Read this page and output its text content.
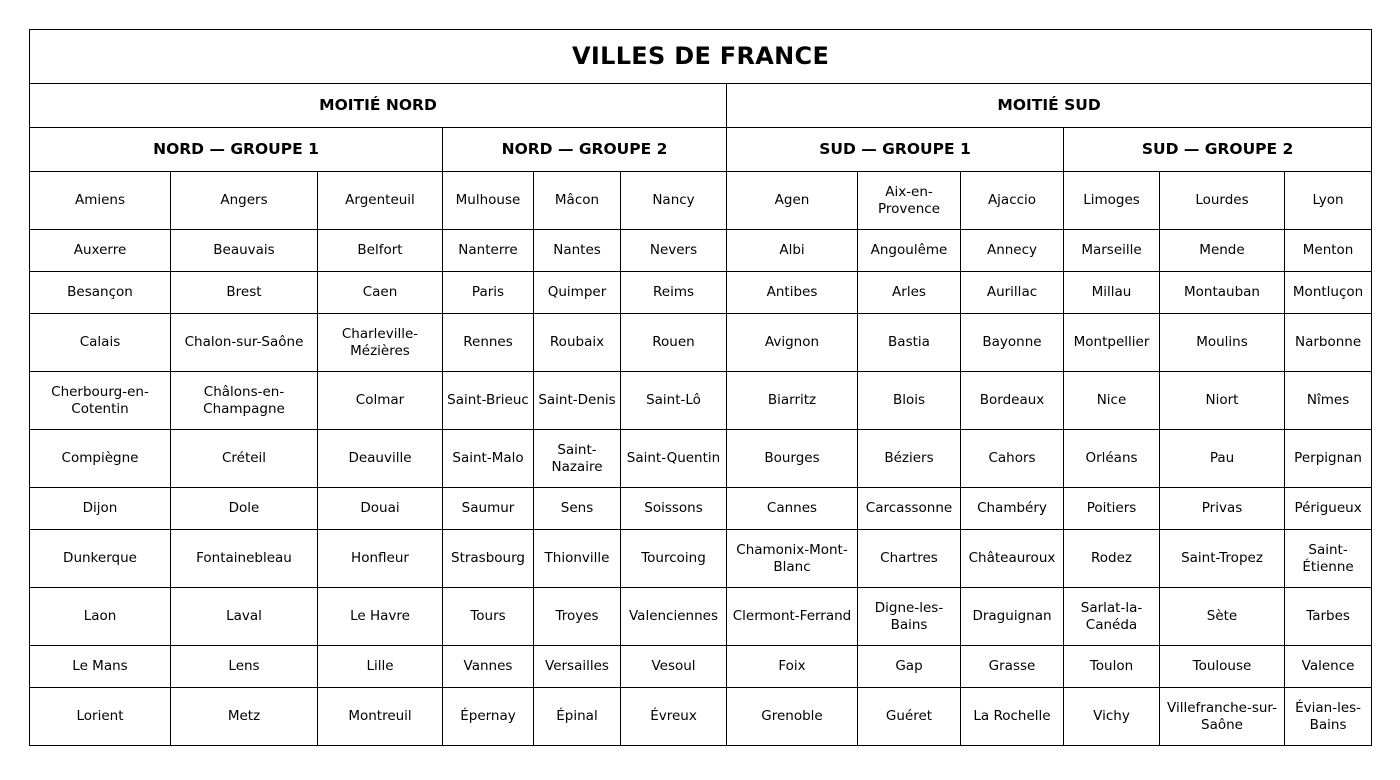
VILLES DE FRANCE											
MOITIÉ NORD						MOITIÉ SUD					
NORD — GROUPE 1			NORD — GROUPE 2			SUD — GROUPE 1			SUD — GROUPE 2		
Amiens	Angers	Argenteuil	Mulhouse	Mâcon	Nancy	Agen	Aix-en-Provence	Ajaccio	Limoges	Lourdes	Lyon
Auxerre	Beauvais	Belfort	Nanterre	Nantes	Nevers	Albi	Angoulême	Annecy	Marseille	Mende	Menton
Besançon	Brest	Caen	Paris	Quimper	Reims	Antibes	Arles	Aurillac	Millau	Montauban	Montluçon
Calais	Chalon-sur-Saône	Charleville-Mézières	Rennes	Roubaix	Rouen	Avignon	Bastia	Bayonne	Montpellier	Moulins	Narbonne
Cherbourg-en-Cotentin	Châlons-en-Champagne	Colmar	Saint-Brieuc	Saint-Denis	Saint-Lô	Biarritz	Blois	Bordeaux	Nice	Niort	Nîmes
Compiègne	Créteil	Deauville	Saint-Malo	Saint-Nazaire	Saint-Quentin	Bourges	Béziers	Cahors	Orléans	Pau	Perpignan
Dijon	Dole	Douai	Saumur	Sens	Soissons	Cannes	Carcassonne	Chambéry	Poitiers	Privas	Périgueux
Dunkerque	Fontainebleau	Honfleur	Strasbourg	Thionville	Tourcoing	Chamonix-Mont-Blanc	Chartres	Châteauroux	Rodez	Saint-Tropez	Saint-Étienne
Laon	Laval	Le Havre	Tours	Troyes	Valenciennes	Clermont-Ferrand	Digne-les-Bains	Draguignan	Sarlat-la-Canéda	Sète	Tarbes
Le Mans	Lens	Lille	Vannes	Versailles	Vesoul	Foix	Gap	Grasse	Toulon	Toulouse	Valence
Lorient	Metz	Montreuil	Épernay	Épinal	Évreux	Grenoble	Guéret	La Rochelle	Vichy	Villefranche-sur-Saône	Évian-les-Bains
